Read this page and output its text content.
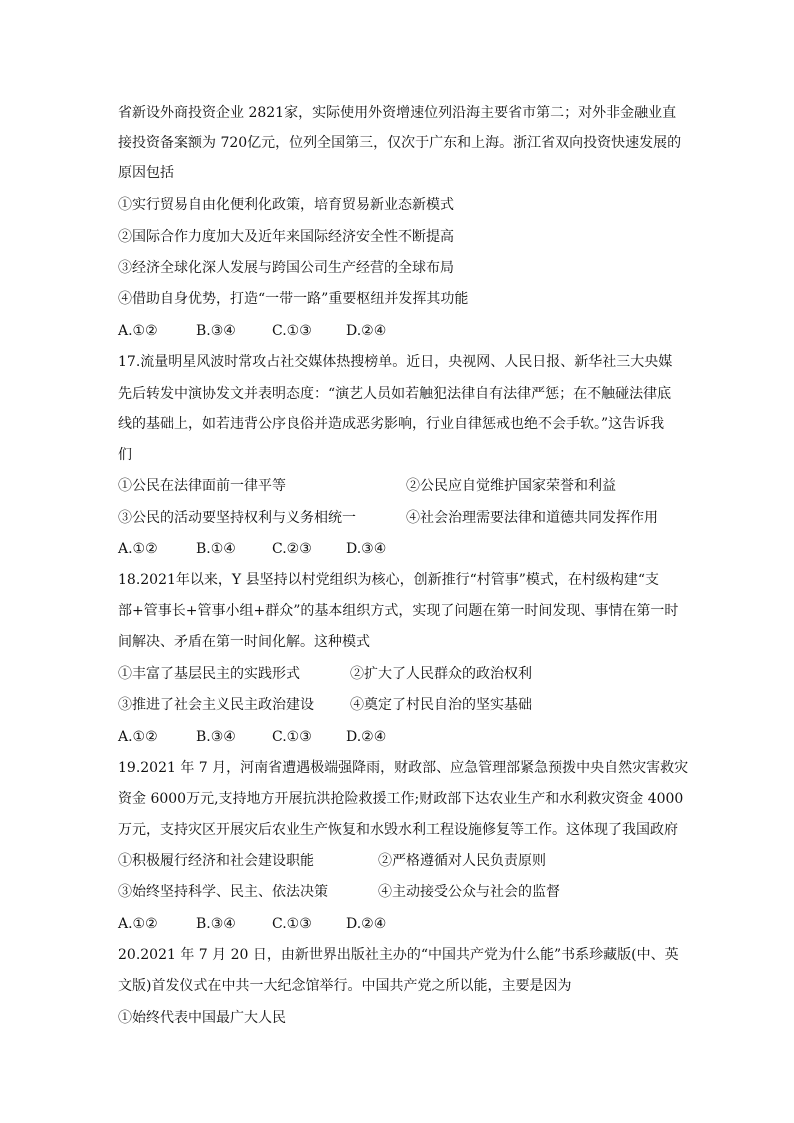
省新设外商投资企业 2821家，实际使用外资增速位列沿海主要省市第二；对外非金融业直
接投资备案额为 720亿元，位列全国第三，仅次于广东和上海。浙江省双向投资快速发展的
原因包括
①实行贸易自由化便利化政策，培育贸易新业态新模式
②国际合作力度加大及近年来国际经济安全性不断提高
③经济全球化深人发展与跨国公司生产经营的全球布局
④借助自身优势，打造“一带一路”重要枢纽并发挥其功能
A.①②	B.③④	C.①③ D.②④
17.流量明星风波时常攻占社交媒体热搜榜单。近日，央视网、人民日报、新华社三大央媒
先后转发中演协发文并表明态度：“演艺人员如若触犯法律自有法律严惩；在不触碰法律底
线的基础上，如若违背公序良俗并造成恶劣影响，行业自律惩戒也绝不会手软。”这告诉我
们
①公民在法律面前一律平等	②公民应自觉维护国家荣誉和利益
③公民的活动要坚持权利与义务相统一	④社会治理需要法律和道德共同发挥作用
A.①②	B.①④	C.②③ D.③④
18.2021年以来，Y 县坚持以村党组织为核心，创新推行“村管事”模式，在村级构建“支
部+管事长+管事小组+群众”的基本组织方式，实现了问题在第一时间发现、事情在第一时
间解决、矛盾在第一时间化解。这种模式
①丰富了基层民主的实践形式	②扩大了人民群众的政治权利
③推进了社会主义民主政治建设	④奠定了村民自治的坚实基础
A.①②	B.③④	C.①③ D.②④
19.2021 年 7 月，河南省遭遇极端强降雨，财政部、应急管理部紧急预拨中央自然灾害救灾
资金 6000万元,支持地方开展抗洪抢险救援工作;财政部下达农业生产和水利救灾资金 4000
万元，支持灾区开展灾后农业生产恢复和水毁水利工程设施修复等工作。这体现了我国政府
①积极履行经济和社会建设职能	②严格遵循对人民负责原则
③始终坚持科学、民主、依法决策	④主动接受公众与社会的监督
A.①②	B.③④	C.①③ D.②④
20.2021 年 7 月 20 日，由新世界出版社主办的“中国共产党为什么能”书系珍藏版(中、英
文版)首发仪式在中共一大纪念馆举行。中国共产党之所以能，主要是因为
①始终代表中国最广大人民
